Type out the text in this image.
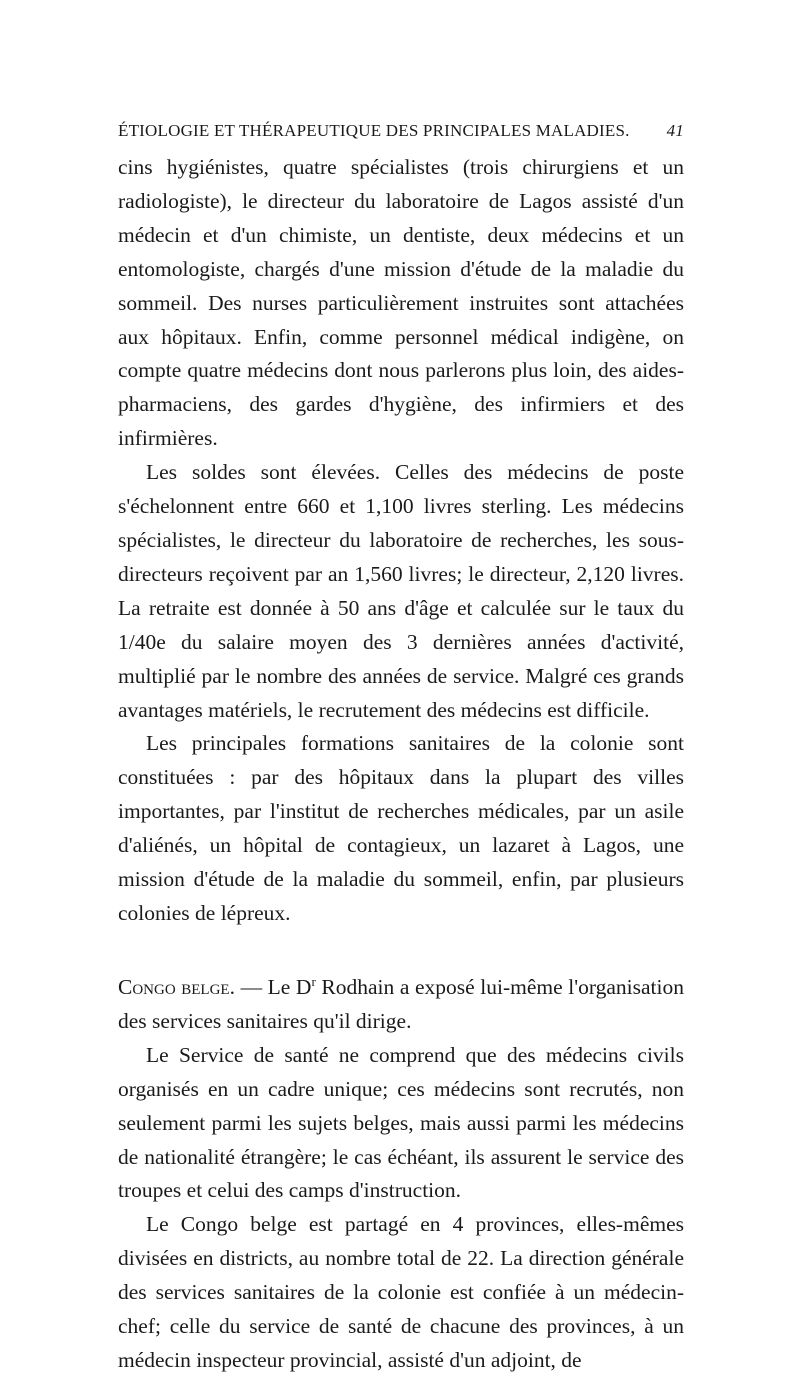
ÉTIOLOGIE ET THÉRAPEUTIQUE DES PRINCIPALES MALADIES. 41

cins hygiénistes, quatre spécialistes (trois chirurgiens et un radiologiste), le directeur du laboratoire de Lagos assisté d'un médecin et d'un chimiste, un dentiste, deux médecins et un entomologiste, chargés d'une mission d'étude de la maladie du sommeil. Des nurses particulièrement instruites sont attachées aux hôpitaux. Enfin, comme personnel médical indigène, on compte quatre médecins dont nous parlerons plus loin, des aides-pharmaciens, des gardes d'hygiène, des infirmiers et des infirmières.

Les soldes sont élevées. Celles des médecins de poste s'échelonnent entre 660 et 1,100 livres sterling. Les médecins spécialistes, le directeur du laboratoire de recherches, les sous-directeurs reçoivent par an 1,560 livres; le directeur, 2,120 livres. La retraite est donnée à 50 ans d'âge et calculée sur le taux du 1/40e du salaire moyen des 3 dernières années d'activité, multiplié par le nombre des années de service. Malgré ces grands avantages matériels, le recrutement des médecins est difficile.

Les principales formations sanitaires de la colonie sont constituées : par des hôpitaux dans la plupart des villes importantes, par l'institut de recherches médicales, par un asile d'aliénés, un hôpital de contagieux, un lazaret à Lagos, une mission d'étude de la maladie du sommeil, enfin, par plusieurs colonies de lépreux.

Congo belge. — Le $D^r$ Rodhain a exposé lui-même l'organisation des services sanitaires qu'il dirige.

Le Service de santé ne comprend que des médecins civils organisés en un cadre unique; ces médecins sont recrutés, non seulement parmi les sujets belges, mais aussi parmi les médecins de nationalité étrangère; le cas échéant, ils assurent le service des troupes et celui des camps d'instruction.

Le Congo belge est partagé en 4 provinces, elles-mêmes divisées en districts, au nombre total de 22. La direction générale des services sanitaires de la colonie est confiée à un médecin-chef; celle du service de santé de chacune des provinces, à un médecin inspecteur provincial, assisté d'un adjoint, de
